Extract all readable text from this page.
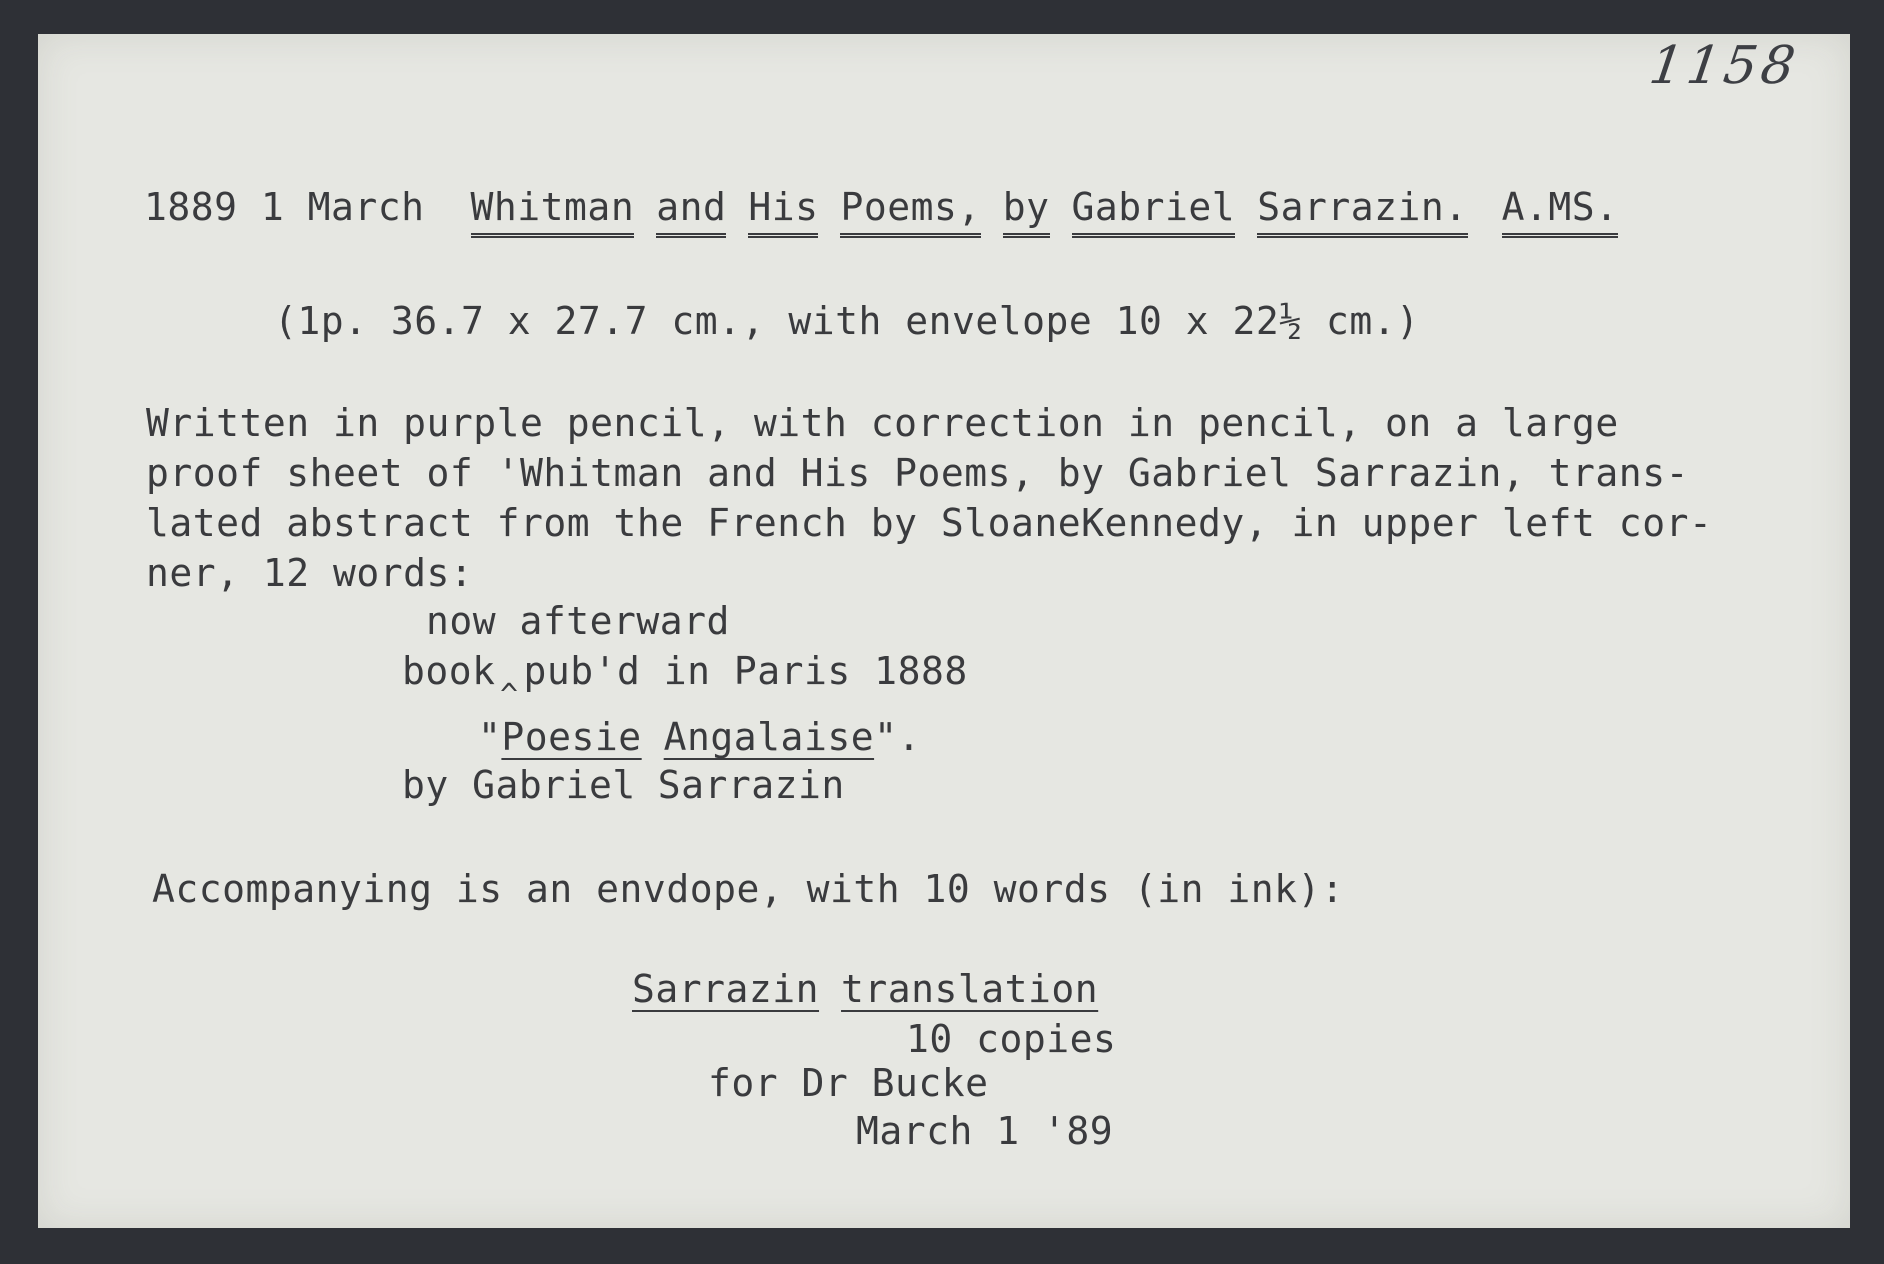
1158
1889 1 March Whitman and His Poems, by Gabriel Sarrazin. A.MS.
(1p. 36.7 x 27.7 cm., with envelope 10 x 22½ cm.)
Written in purple pencil, with correction in pencil, on a large
proof sheet of 'Whitman and His Poems, by Gabriel Sarrazin, trans-
lated abstract from the French by SloaneKennedy, in upper left cor-
ner, 12 words:
now afterward
book pub'd in Paris 1888
^
"Poesie Angalaise".
by Gabriel Sarrazin
Accompanying is an envdope, with 10 words (in ink):
Sarrazin translation
10 copies
for Dr Bucke
March 1 '89
